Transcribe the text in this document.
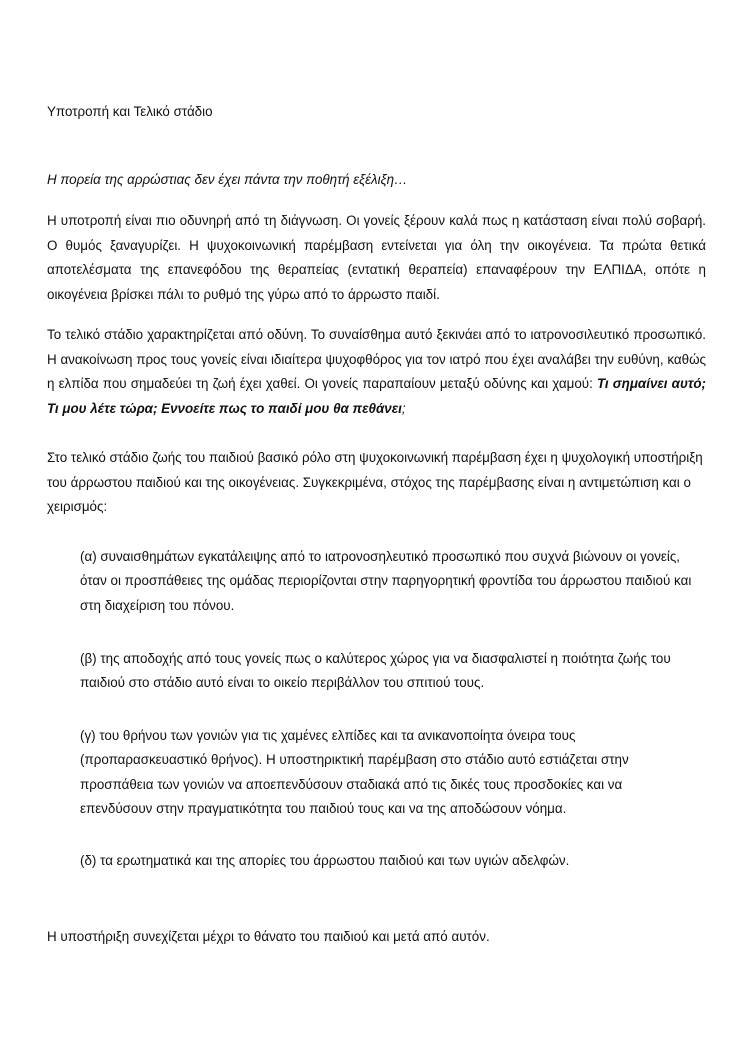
Υποτροπή και Τελικό στάδιο

Η πορεία της αρρώστιας δεν έχει πάντα την ποθητή εξέλιξη…

Η υποτροπή είναι πιο οδυνηρή από τη διάγνωση. Οι γονείς ξέρουν καλά πως η κατάσταση είναι πολύ σοβαρή. Ο θυμός ξαναγυρίζει. Η ψυχοκοινωνική παρέμβαση εντείνεται για όλη την οικογένεια. Τα πρώτα θετικά αποτελέσματα της επανεφόδου της θεραπείας (εντατική θεραπεία) επαναφέρουν την ΕΛΠΙΔΑ, οπότε η οικογένεια βρίσκει πάλι το ρυθμό της γύρω από το άρρωστο παιδί.

Το τελικό στάδιο χαρακτηρίζεται από οδύνη. Το συναίσθημα αυτό ξεκινάει από το ιατρονοσιλευτικό προσωπικό. Η ανακοίνωση προς τους γονείς είναι ιδιαίτερα ψυχοφθόρος για τον ιατρό που έχει αναλάβει την ευθύνη, καθώς η ελπίδα που σημαδεύει τη ζωή έχει χαθεί. Οι γονείς παραπαίουν μεταξύ οδύνης και χαμού: Τι σημαίνει αυτό; Τι μου λέτε τώρα; Εννοείτε πως το παιδί μου θα πεθάνει;

Στο τελικό στάδιο ζωής του παιδιού βασικό ρόλο στη ψυχοκοινωνική παρέμβαση έχει η ψυχολογική υποστήριξη του άρρωστου παιδιού και της οικογένειας. Συγκεκριμένα, στόχος της παρέμβασης είναι η αντιμετώπιση και ο χειρισμός:

(α) συναισθημάτων εγκατάλειψης από το ιατρονοσηλευτικό προσωπικό που συχνά βιώνουν οι γονείς, όταν οι προσπάθειες της ομάδας περιορίζονται στην παρηγορητική φροντίδα του άρρωστου παιδιού και στη διαχείριση του πόνου.

(β) της αποδοχής από τους γονείς πως ο καλύτερος χώρος για να διασφαλιστεί η ποιότητα ζωής του παιδιού στο στάδιο αυτό είναι το οικείο περιβάλλον του σπιτιού τους.

(γ) του θρήνου των γονιών για τις χαμένες ελπίδες και τα ανικανοποίητα όνειρα τους (προπαρασκευαστικό θρήνος). Η υποστηρικτική παρέμβαση στο στάδιο αυτό εστιάζεται στην προσπάθεια των γονιών να αποεπενδύσουν σταδιακά από τις δικές τους προσδοκίες και να επενδύσουν στην πραγματικότητα του παιδιού τους και να της αποδώσουν νόημα.

(δ) τα ερωτηματικά και της απορίες του άρρωστου παιδιού και των υγιών αδελφών.

Η υποστήριξη συνεχίζεται μέχρι το θάνατο του παιδιού και μετά από αυτόν.
